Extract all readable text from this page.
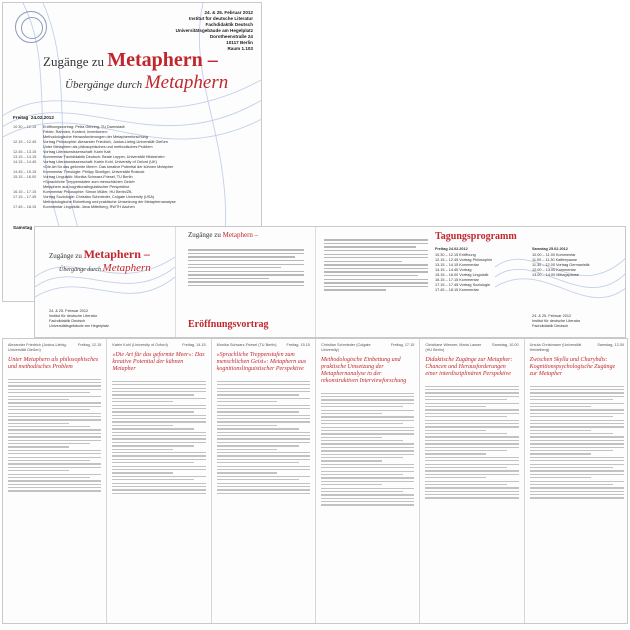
24. & 25. Februar 2012
Institut für deutsche Literatur
Fachdidaktik Deutsch
Universitätsgebäude am Hegelplatz
Dorotheenstraße 24
10117 Berlin
Raum 1.103
Zugänge zu Metaphern –
Übergänge durch Metaphern
Freitag 24.02.2012
10.30 – 12.15	Eröffnungsvortrag: Petra Gehring, TU Darmstadt
Felder, Rahmen, Kontext, Inventionen:
Methodologische Herausforderungen der Metaphernforschung
12.15 – 12.45	Vortrag Philosophie: Alexander Friedrich, Justus-Liebig-Universität Gießen
Unter Metaphern als philosophisches und methodisches Problem
12.45 – 13.15	Vortrag Literaturwissenschaft: Karin Kalt
13.15 – 14.15	Kommentar Fachdidaktik Deutsch: Beate Lepper, Universität Hildesheim
14.15 – 14.45	Vortrag Literaturwissenschaft: Katrin Kohl, University of Oxford (UK)
»Die Art für das geformte Meer«: Das kreative Potential der kühnen Metapher
14.45 – 15.15	Kommentar Theologie: Philipp Stoellger, Universität Rostock
15.15 – 16.00	Vortrag Linguistik: Monika Schwarz-Friesel, TU Berlin
»Sprachliche Treppenstufen zum menschlichen Geist«
Metaphern aus kognitionslinguistischer Perspektive
16.15 – 17.15	Kommentar Philosophie: Simon Müller, HU Berlin/ZfL
17.15 – 17.45	Vortrag Soziologie: Christian Schmieder, Colgate University (USA)
Methodologische Einbettung und praktische Umsetzung der Metaphernanalyse
17.45 – 18.15	Kommentar Linguistik: Jana Mittelberg, RWTH Aachen
Samstag
Zugänge zu Metaphern –
Übergänge durch Metaphern
24. & 25. Februar 2012
Institut für deutsche Literatur
Fachdidaktik Deutsch
Universitätsgebäude am Hegelplatz
Zugänge zu Metaphern –
Eröffnungsvortrag
Tagungsprogramm
Freitag 24.02.2012
10.30 – 12.15 Eröffnung
12.15 – 12.45 Vortrag Philosophie
13.15 – 14.15 Kommentar
14.15 – 14.45 Vortrag
15.15 – 16.00 Vortrag Linguistik
16.15 – 17.15 Kommentar
17.15 – 17.45 Vortrag Soziologie
17.45 – 18.15 Kommentar
Samstag 25.02.2012
10.00 – 11.00 Kommentar
11.00 – 11.30 Kaffeepause
11.30 – 12.00 Vortrag Germanistik
12.00 – 13.00 Kommentar
13.00 – 14.00 Mittagspause
24. & 25. Februar 2012
Institut für deutsche Literatur
Fachdidaktik Deutsch
Alexander Friedrich (Justus-Liebig-Universität Gießen)
Freitag, 12.15
Unter Metaphern als philosophisches und methodisches Problem
Katrin Kohl (University of Oxford)	Freitag, 14.15
»Die Art für das geformte Meer«: Das kreative Potential der kühnen Metapher
Monika Schwarz-Friesel (TU Berlin)	Freitag, 15.15
»Sprachliche Treppenstufen zum menschlichen Geist«: Metaphern aus kognitionslinguistischer Perspektive
Christian Schmieder (Colgate University)
Freitag, 17.15
Methodologische Einbettung und praktische Umsetzung der Metaphernanalyse in der rekonstruktiven Interviewforschung
Christiane Wiesner, Maria Lasser (HU Berlin)
Samstag, 10.00
Didaktische Zugänge zur Metapher: Chancen und Herausforderungen einer interdisziplinären Perspektive
Ursula Christmann (Universität Heidelberg)
Samstag, 12.00
Zwischen Skylla und Charybdis: Kognitionspsychologische Zugänge zur Metapher
